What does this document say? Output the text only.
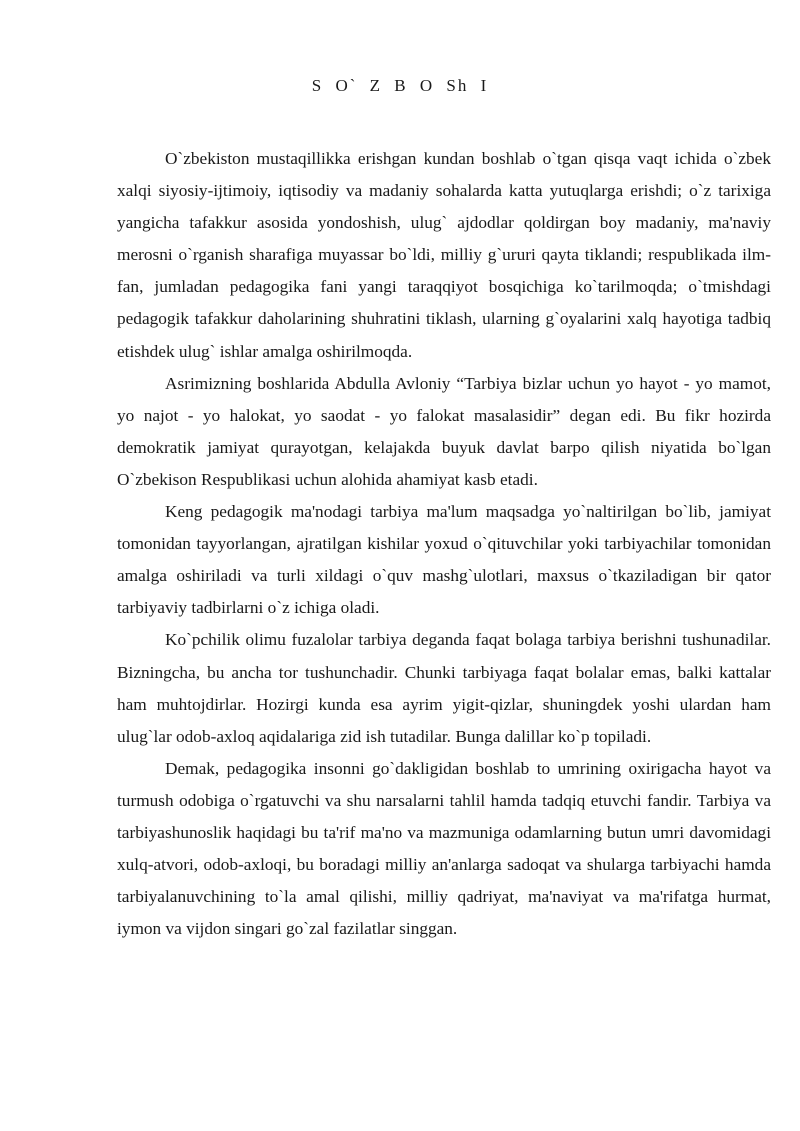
S O` Z B O Sh I

O`zbekiston mustaqillikka erishgan kundan boshlab o`tgan qisqa vaqt ichida o`zbek xalqi siyosiy-ijtimoiy, iqtisodiy va madaniy sohalarda katta yutuqlarga erishdi; o`z tarixiga yangicha tafakkur asosida yondoshish, ulug` ajdodlar qoldirgan boy madaniy, ma'naviy merosni o`rganish sharafiga muyassar bo`ldi, milliy g`ururi qayta tiklandi; respublikada ilm-fan, jumladan pedagogika fani yangi taraqqiyot bosqichiga ko`tarilmoqda; o`tmishdagi pedagogik tafakkur daholarining shuhratini tiklash, ularning g`oyalarini xalq hayotiga tadbiq etishdek ulug` ishlar amalga oshirilmoqda.

Asrimizning boshlarida Abdulla Avloniy “Tarbiya bizlar uchun yo hayot - yo mamot, yo najot - yo halokat, yo saodat - yo falokat masalasidir” degan edi. Bu fikr hozirda demokratik jamiyat qurayotgan, kelajakda buyuk davlat barpo qilish niyatida bo`lgan O`zbekison Respublikasi uchun alohida ahamiyat kasb etadi.

Keng pedagogik ma'nodagi tarbiya ma'lum maqsadga yo`naltirilgan bo`lib, jamiyat tomonidan tayyorlangan, ajratilgan kishilar yoxud o`qituvchilar yoki tarbiyachilar tomonidan amalga oshiriladi va turli xildagi o`quv mashg`ulotlari, maxsus o`tkaziladigan bir qator tarbiyaviy tadbirlarni o`z ichiga oladi.

Ko`pchilik olimu fuzalolar tarbiya deganda faqat bolaga tarbiya berishni tushunadilar. Bizningcha, bu ancha tor tushunchadir. Chunki tarbiyaga faqat bolalar emas, balki kattalar ham muhtojdirlar. Hozirgi kunda esa ayrim yigit-qizlar, shuningdek yoshi ulardan ham ulug`lar odob-axloq aqidalariga zid ish tutadilar. Bunga dalillar ko`p topiladi.

Demak, pedagogika insonni go`dakligidan boshlab to umrining oxirigacha hayot va turmush odobiga o`rgatuvchi va shu narsalarni tahlil hamda tadqiq etuvchi fandir. Tarbiya va tarbiyashunoslik haqidagi bu ta'rif ma'no va mazmuniga odamlarning butun umri davomidagi xulq-atvori, odob-axloqi, bu boradagi milliy an'anlarga sadoqat va shularga tarbiyachi hamda tarbiyalanuvchining to`la amal qilishi, milliy qadriyat, ma'naviyat va ma'rifatga hurmat, iymon va vijdon singari go`zal fazilatlar singgan.
